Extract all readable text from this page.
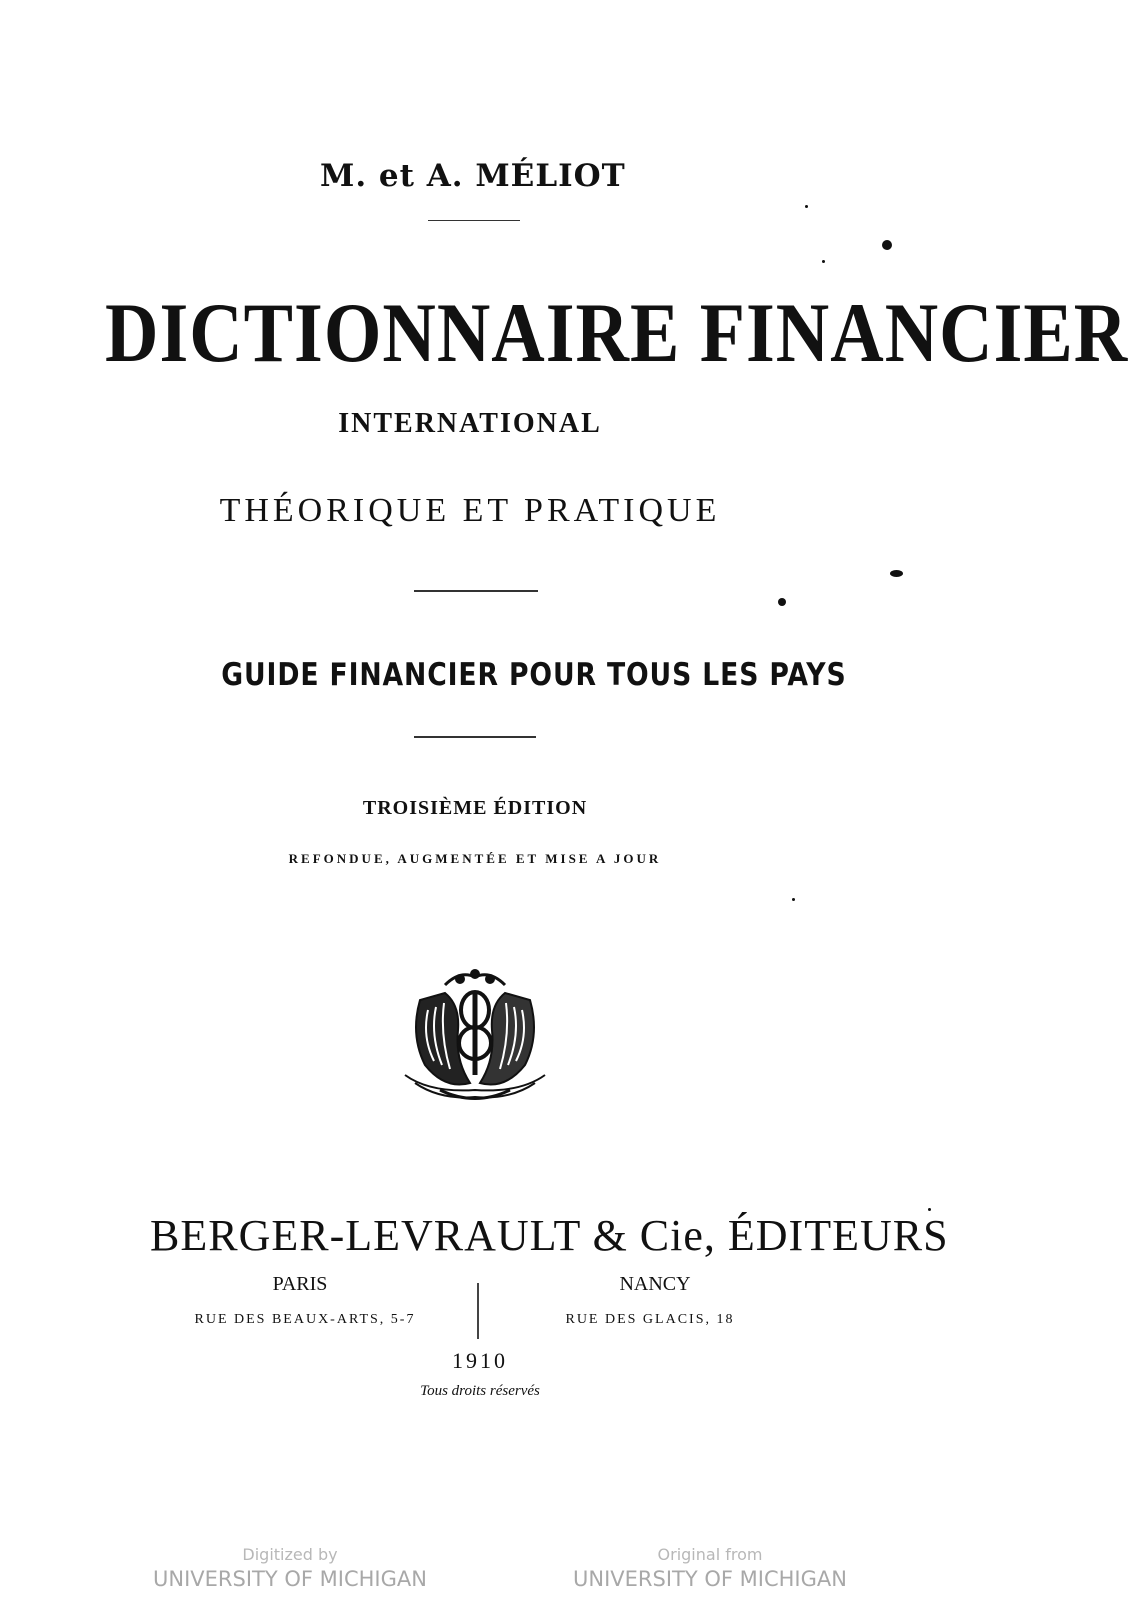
M. et A. MÉLIOT
DICTIONNAIRE FINANCIER
INTERNATIONAL
THÉORIQUE ET PRATIQUE
GUIDE FINANCIER POUR TOUS LES PAYS
TROISIÈME ÉDITION
REFONDUE, AUGMENTÉE ET MISE A JOUR
BERGER-LEVRAULT & Cie, ÉDITEURS
PARIS
RUE DES BEAUX-ARTS, 5-7
NANCY
RUE DES GLACIS, 18
1910
Tous droits réservés
Digitized by
UNIVERSITY OF MICHIGAN
Original from
UNIVERSITY OF MICHIGAN
